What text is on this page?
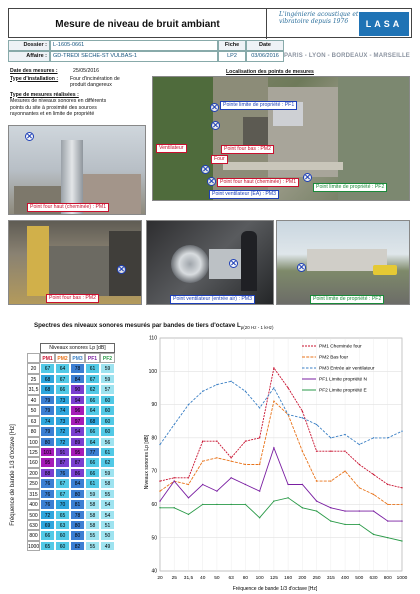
Mesure de niveau de bruit ambiant
L'ingénierie acoustique et vibratoire depuis 1976	LASA
Dossier :	L-1605-0661
Affaire :	GD-TREDI SECHE-ST VULBAS-1
Fiche
LP2
Date
03/06/2016 PARIS - LYON - BORDEAUX - MARSEILLE
Date des mesures :	25/05/2016
Type d'installation :	Four d'incinération de
produit dangereux
Type de mesures réalisées :
Mesures de niveaux sonores en différents
points du site à proximité des sources
rayonnantes et en limite de propriété
Localisation des points de mesures
Pointe limite de propriété : PF1
Ventilateur
Four
Point four bas : PM2
Point four haut (cheminée) : PM1
Point ventilateur (EA) : PM3
Point limite de propriété : PF2
Point four haut (cheminée) : PM1
Point four bas : PM2	Point ventilateur (entrée air) : PM3	Point limite de propriété : PF2
Spectres des niveaux sonores mesurés par bandes de tiers d'octave $L_{p(20 Hz - 1 kHz)}$
Fréquence de bande 1/3 d'octave [Hz]
Niveaux sonores Lp [dB]
PM1 PM2 PM3	PF1	PF2
20	67	64	78	61	59
25	68	67	84	67	59
31,5	68	66	90	62	57
40	79	73	94	66	60
50	79	74	96	64	60
63	74	73	97	68	60
80	79	72	94	66	60
100	80	72	89	64	56
125	101	91	95	77	61
160	95	87	87	66	62
200	88	76	86	66	59
250	76	67	84	61	58
315	76	67	80	59	55
400	76	70	81	58	54
500	72	65	78	58	54
630	69	63	80	58	51
800	66	60	80	55	50
1000	65	60	82	55	49
40
50
60
70
80
90
100
110
20 25 31,5 40 50 63 80 100 125 160 200 250 315 400 500 630 800 1000
PM1 Cheminée four
PM2 Bas four
PM3 Entrée air ventilateur
PF1 Limite propriété N
PF2 Limite propriété E
Fréquence de bande 1/3 d'octave [Hz]
Niveaux sonores Lp [dB]
